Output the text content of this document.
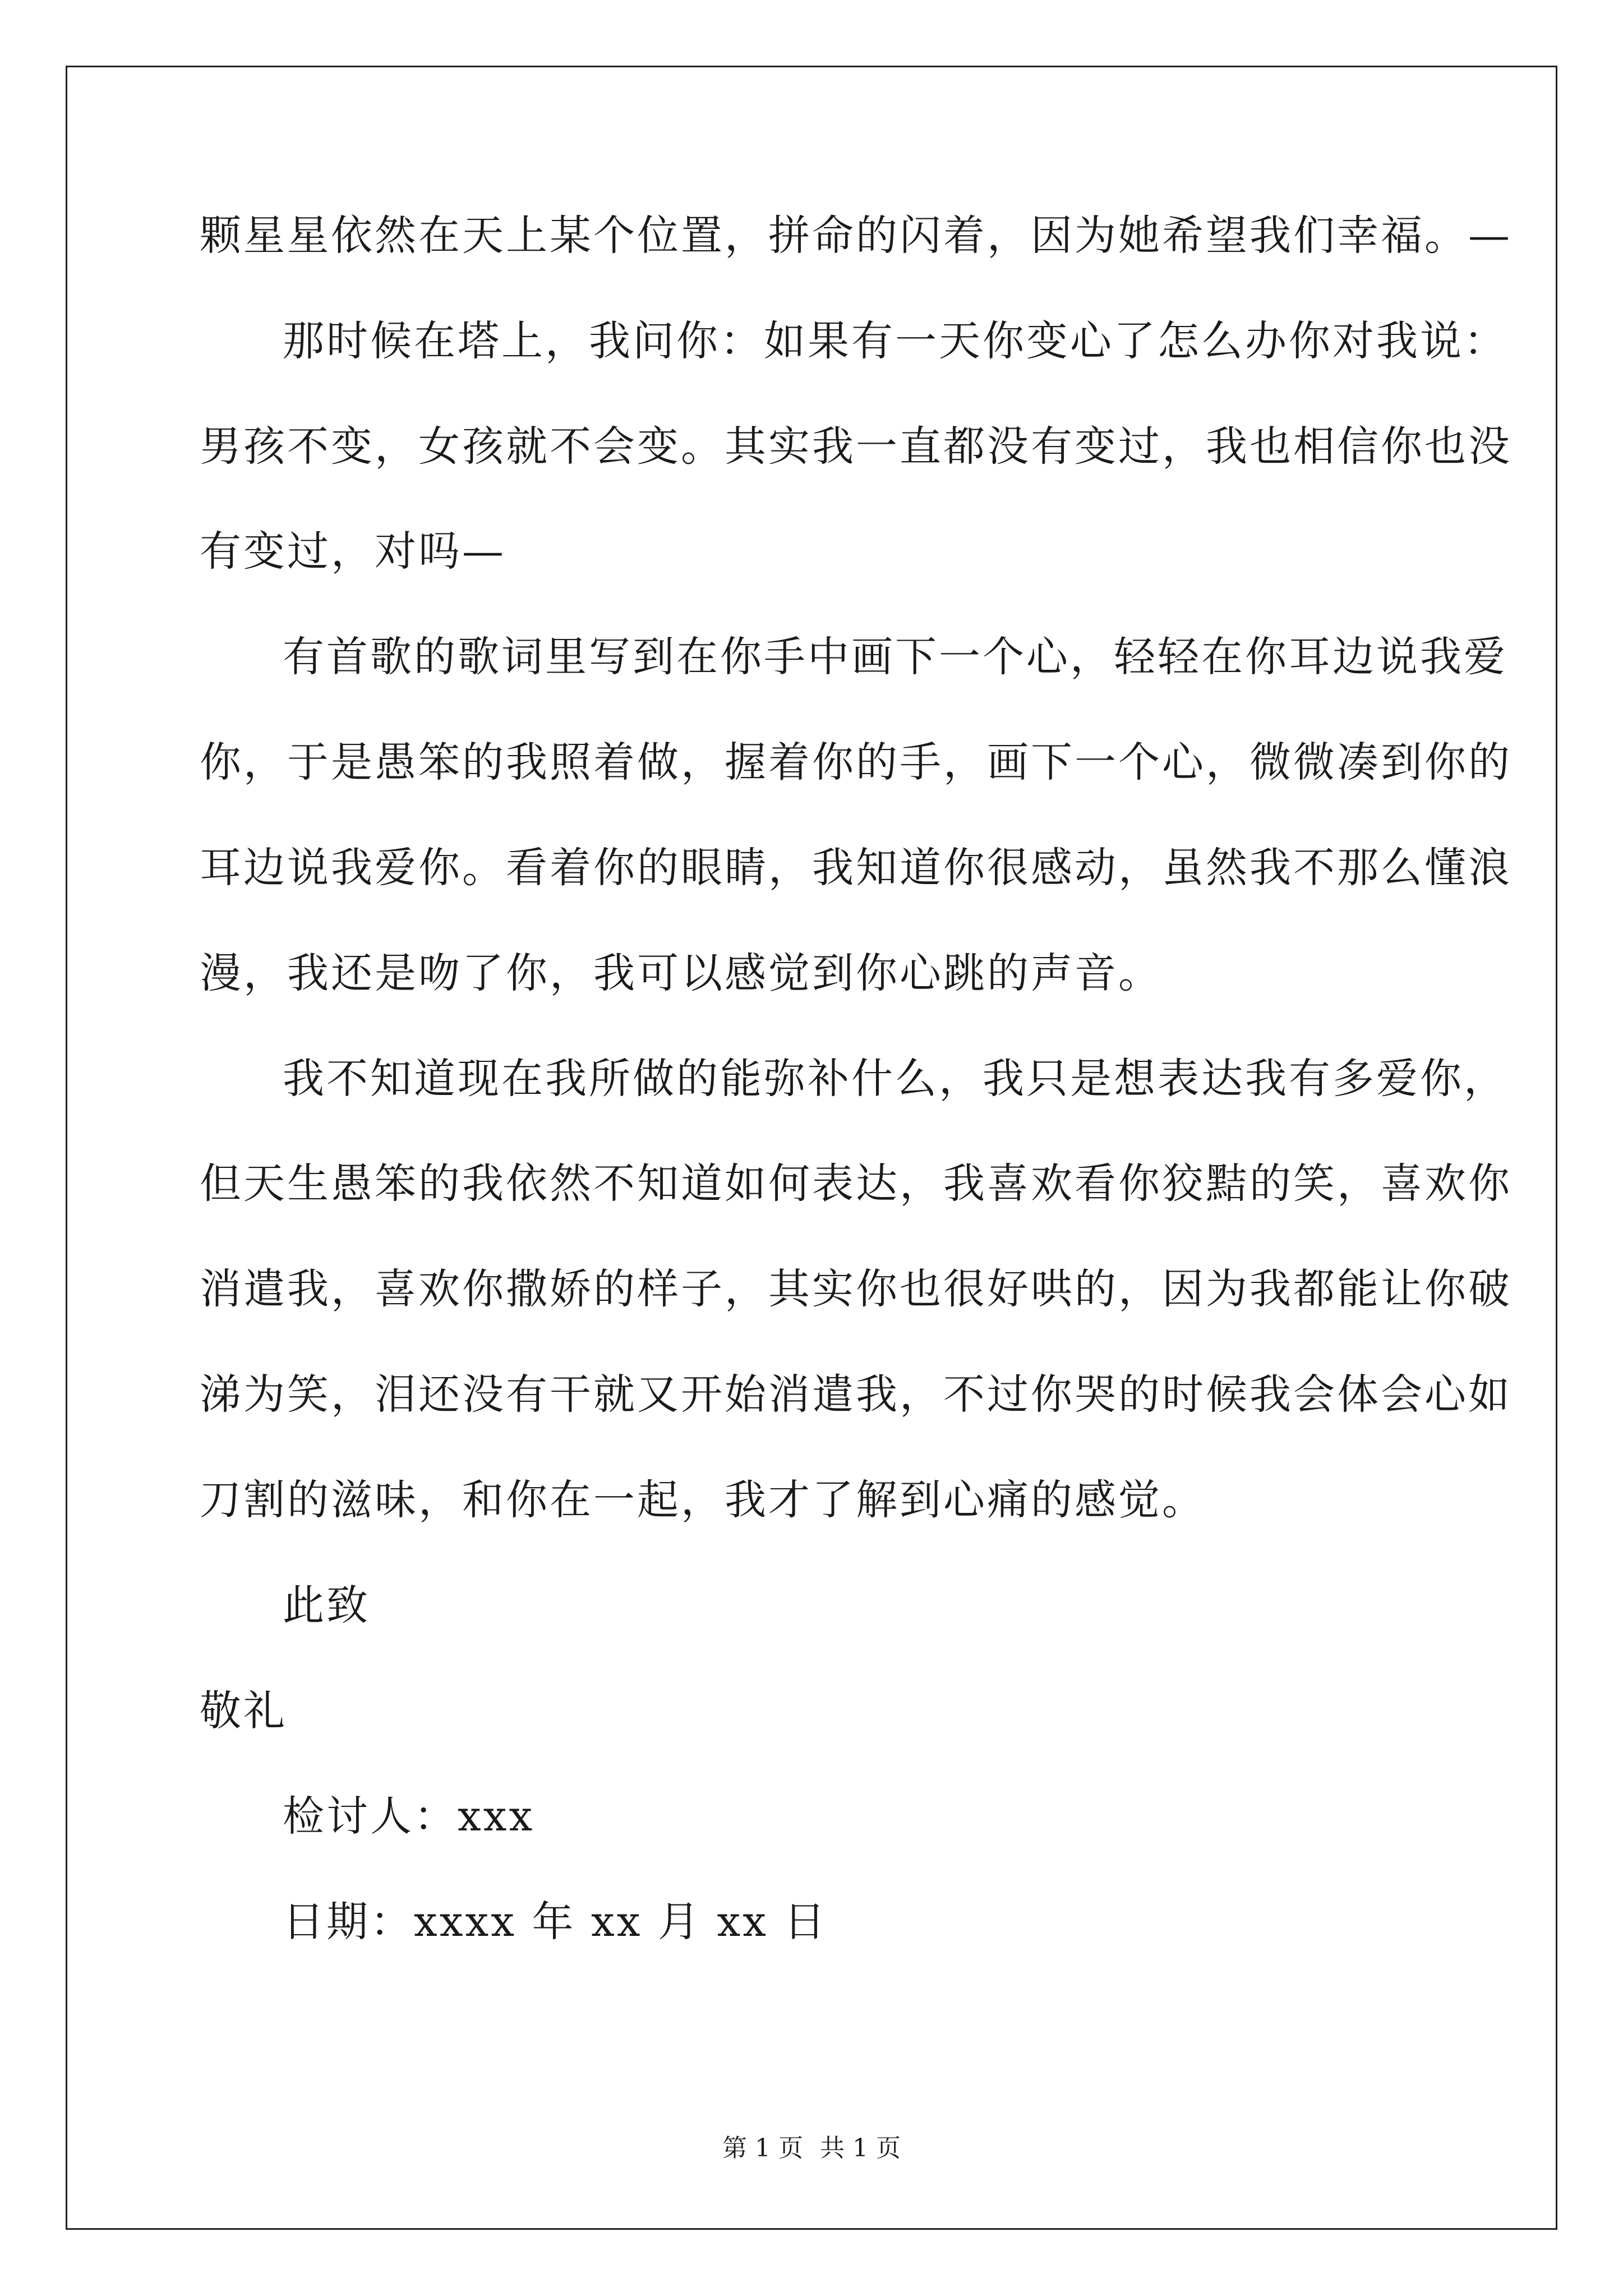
颗星星依然在天上某个位置，拼命的闪着，因为她希望我们幸福。—
那时候在塔上，我问你：如果有一天你变心了怎么办你对我说：
男孩不变，女孩就不会变。其实我一直都没有变过，我也相信你也没
有变过，对吗—
有首歌的歌词里写到在你手中画下一个心，轻轻在你耳边说我爱
你，于是愚笨的我照着做，握着你的手，画下一个心，微微凑到你的
耳边说我爱你。看着你的眼睛，我知道你很感动，虽然我不那么懂浪
漫，我还是吻了你，我可以感觉到你心跳的声音。
我不知道现在我所做的能弥补什么，我只是想表达我有多爱你，
但天生愚笨的我依然不知道如何表达，我喜欢看你狡黠的笑，喜欢你
消遣我，喜欢你撒娇的样子，其实你也很好哄的，因为我都能让你破
涕为笑，泪还没有干就又开始消遣我，不过你哭的时候我会体会心如
刀割的滋味，和你在一起，我才了解到心痛的感觉。
此致
敬礼
检讨人：xxx
日期：xxxx 年 xx 月 xx 日
第 1 页 共 1 页
